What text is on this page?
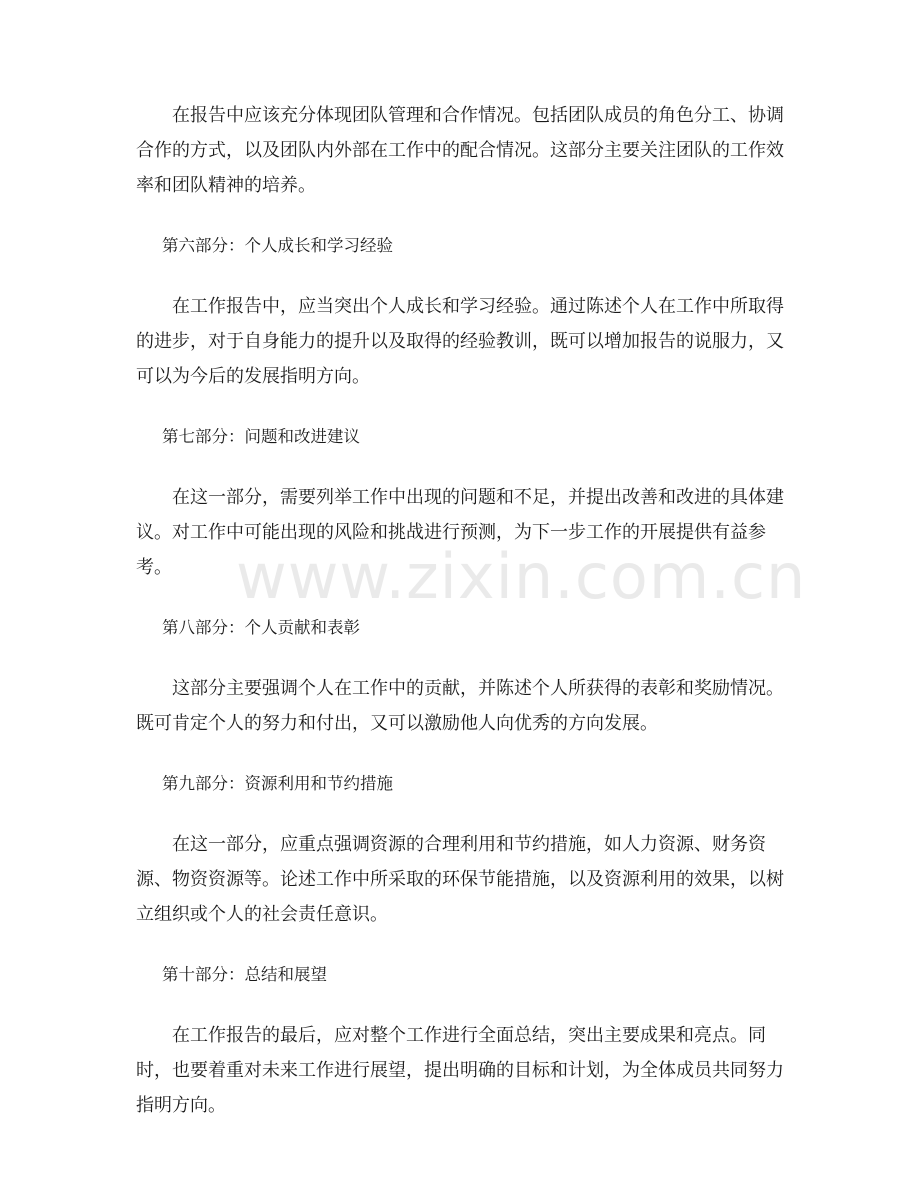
在报告中应该充分体现团队管理和合作情况。包括团队成员的角色分工、协调合作的方式，以及团队内外部在工作中的配合情况。这部分主要关注团队的工作效率和团队精神的培养。

第六部分：个人成长和学习经验

在工作报告中，应当突出个人成长和学习经验。通过陈述个人在工作中所取得的进步，对于自身能力的提升以及取得的经验教训，既可以增加报告的说服力，又可以为今后的发展指明方向。

第七部分：问题和改进建议

在这一部分，需要列举工作中出现的问题和不足，并提出改善和改进的具体建议。对工作中可能出现的风险和挑战进行预测，为下一步工作的开展提供有益参考。

第八部分：个人贡献和表彰

这部分主要强调个人在工作中的贡献，并陈述个人所获得的表彰和奖励情况。既可肯定个人的努力和付出，又可以激励他人向优秀的方向发展。

第九部分：资源利用和节约措施

在这一部分，应重点强调资源的合理利用和节约措施，如人力资源、财务资源、物资资源等。论述工作中所采取的环保节能措施，以及资源利用的效果，以树立组织或个人的社会责任意识。

第十部分：总结和展望

在工作报告的最后，应对整个工作进行全面总结，突出主要成果和亮点。同时，也要着重对未来工作进行展望，提出明确的目标和计划，为全体成员共同努力指明方向。

www.zixin.com.cn
